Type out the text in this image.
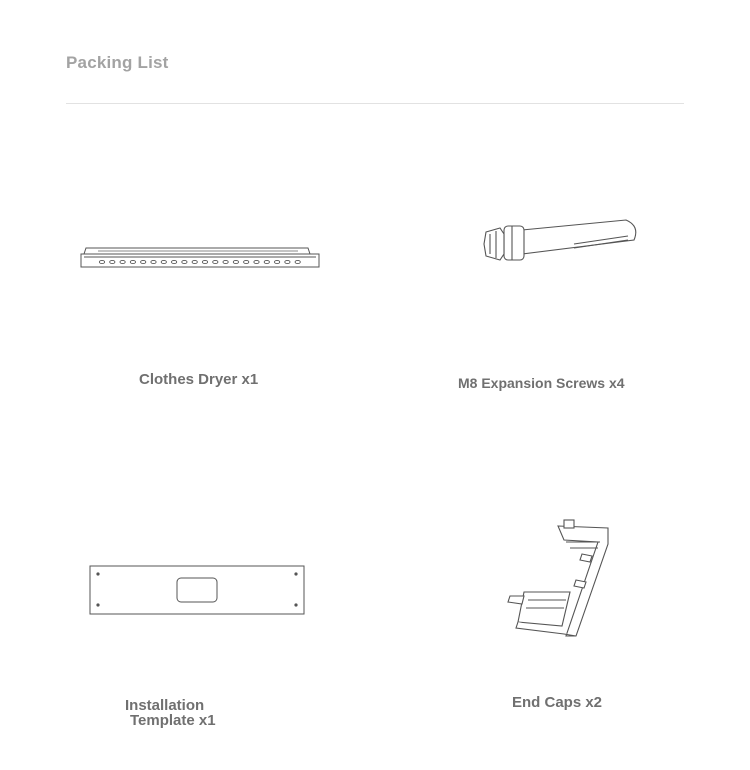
Packing List
Clothes Dryer x1	M8 Expansion Screws x4
Installation
Template x1
End Caps x2
